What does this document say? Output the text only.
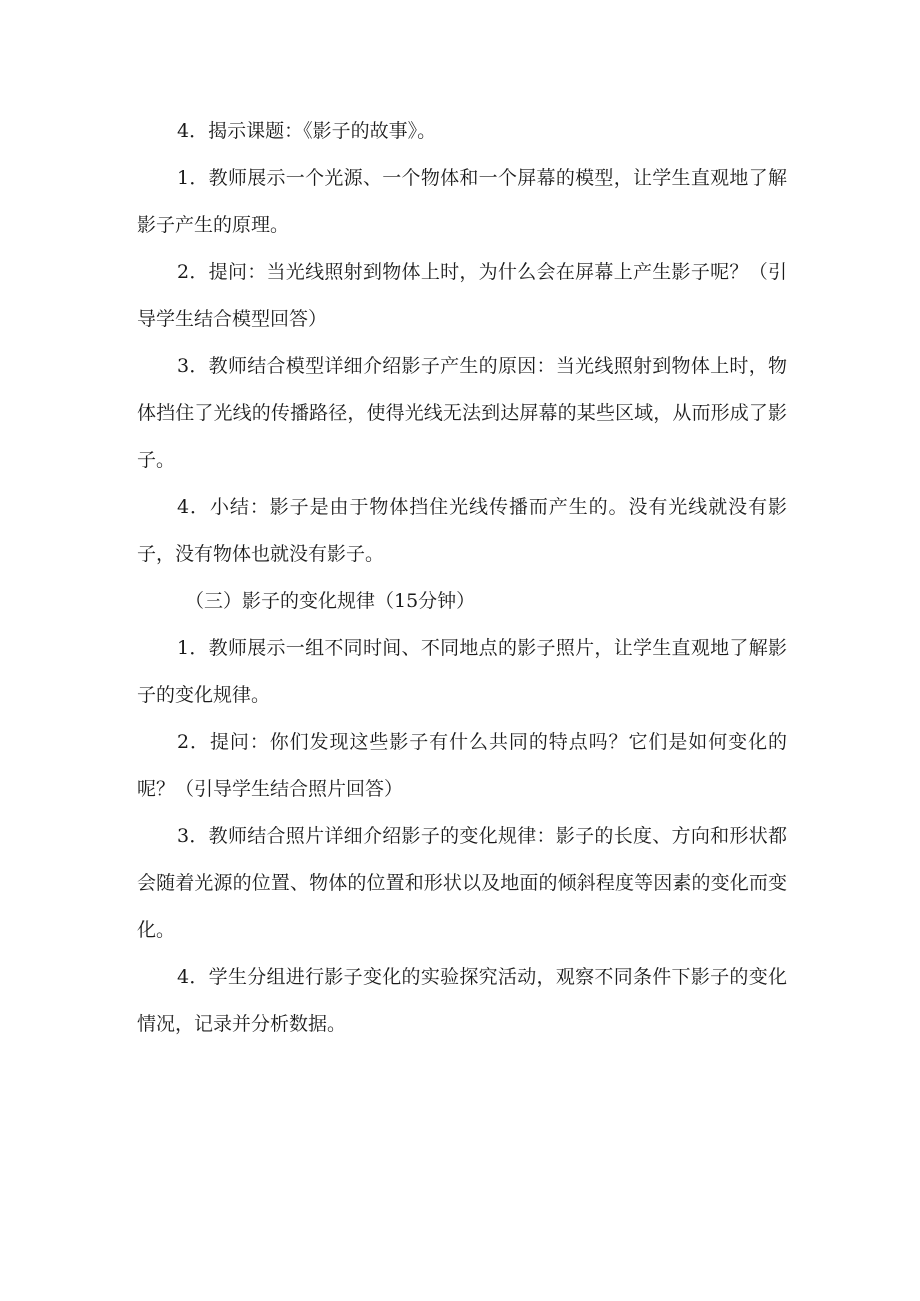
4．揭示课题：《影子的故事》。

1．教师展示一个光源、一个物体和一个屏幕的模型，让学生直观地了解影子产生的原理。

2．提问：当光线照射到物体上时，为什么会在屏幕上产生影子呢？（引导学生结合模型回答）

3．教师结合模型详细介绍影子产生的原因：当光线照射到物体上时，物体挡住了光线的传播路径，使得光线无法到达屏幕的某些区域，从而形成了影子。

4．小结：影子是由于物体挡住光线传播而产生的。没有光线就没有影子，没有物体也就没有影子。

（三）影子的变化规律（15分钟）

1．教师展示一组不同时间、不同地点的影子照片，让学生直观地了解影子的变化规律。

2．提问：你们发现这些影子有什么共同的特点吗？它们是如何变化的呢？（引导学生结合照片回答）

3．教师结合照片详细介绍影子的变化规律：影子的长度、方向和形状都会随着光源的位置、物体的位置和形状以及地面的倾斜程度等因素的变化而变化。

4．学生分组进行影子变化的实验探究活动，观察不同条件下影子的变化情况，记录并分析数据。
